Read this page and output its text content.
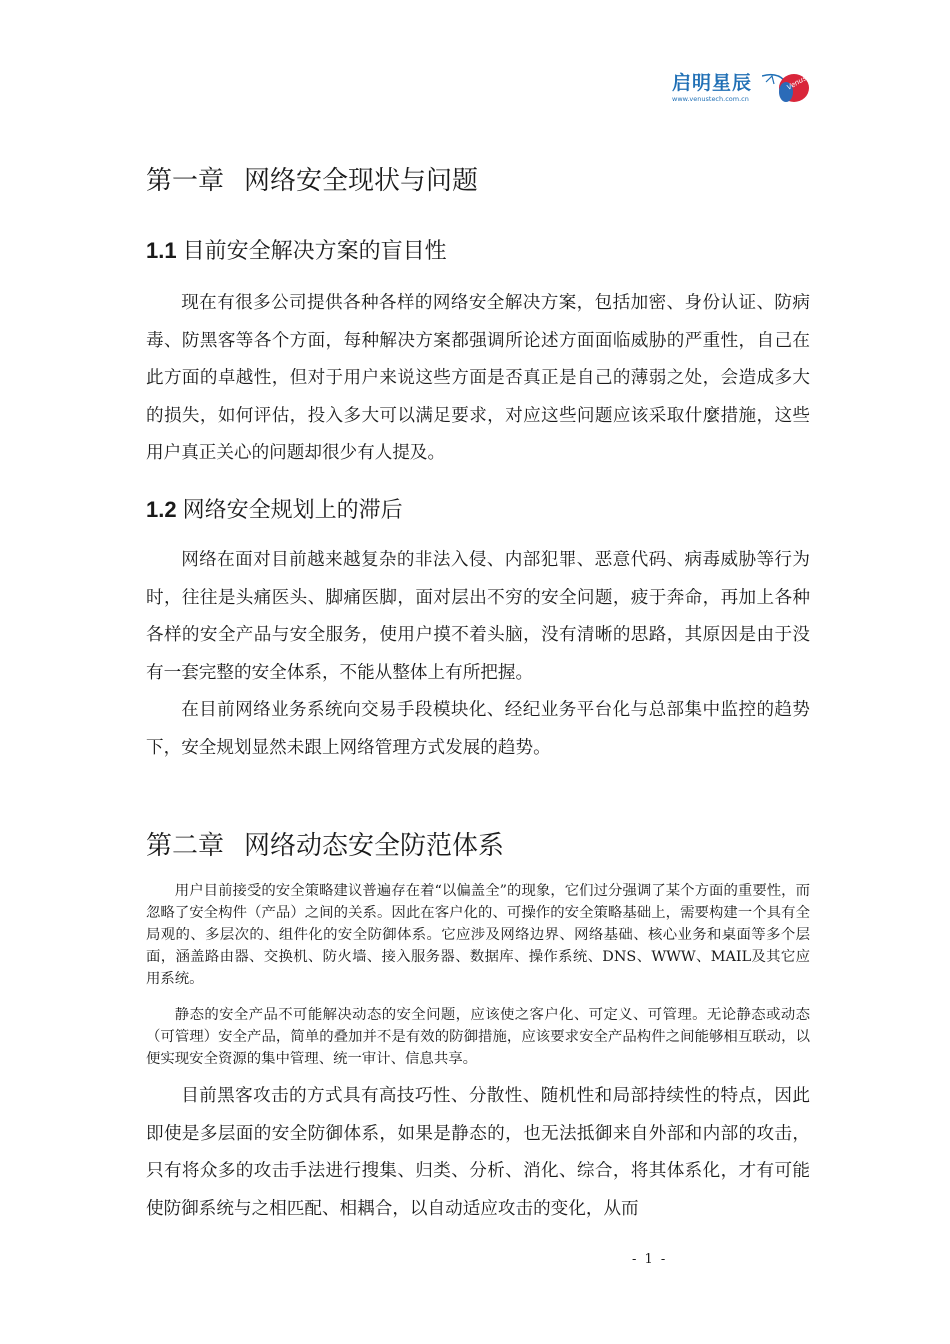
启明星辰
www.venustech.com.cn
Venus
第一章 网络安全现状与问题
1.1 目前安全解决方案的盲目性

现在有很多公司提供各种各样的网络安全解决方案，包括加密、身份认证、防病毒、防黑客等各个方面，每种解决方案都强调所论述方面面临威胁的严重性，自己在此方面的卓越性，但对于用户来说这些方面是否真正是自己的薄弱之处，会造成多大的损失，如何评估，投入多大可以满足要求，对应这些问题应该采取什麼措施，这些用户真正关心的问题却很少有人提及。

1.2 网络安全规划上的滞后

网络在面对目前越来越复杂的非法入侵、内部犯罪、恶意代码、病毒威胁等行为时，往往是头痛医头、脚痛医脚，面对层出不穷的安全问题，疲于奔命，再加上各种各样的安全产品与安全服务，使用户摸不着头脑，没有清晰的思路，其原因是由于没有一套完整的安全体系，不能从整体上有所把握。

在目前网络业务系统向交易手段模块化、经纪业务平台化与总部集中监控的趋势下，安全规划显然未跟上网络管理方式发展的趋势。

第二章 网络动态安全防范体系

用户目前接受的安全策略建议普遍存在着“以偏盖全”的现象，它们过分强调了某个方面的重要性，而忽略了安全构件（产品）之间的关系。因此在客户化的、可操作的安全策略基础上，需要构建一个具有全局观的、多层次的、组件化的安全防御体系。它应涉及网络边界、网络基础、核心业务和桌面等多个层面，涵盖路由器、交换机、防火墙、接入服务器、数据库、操作系统、DNS、WWW、MAIL及其它应用系统。

静态的安全产品不可能解决动态的安全问题，应该使之客户化、可定义、可管理。无论静态或动态（可管理）安全产品，简单的叠加并不是有效的防御措施，应该要求安全产品构件之间能够相互联动，以便实现安全资源的集中管理、统一审计、信息共享。

目前黑客攻击的方式具有高技巧性、分散性、随机性和局部持续性的特点，因此即使是多层面的安全防御体系，如果是静态的，也无法抵御来自外部和内部的攻击，只有将众多的攻击手法进行搜集、归类、分析、消化、综合，将其体系化，才有可能使防御系统与之相匹配、相耦合，以自动适应攻击的变化，从而

- 1 -
